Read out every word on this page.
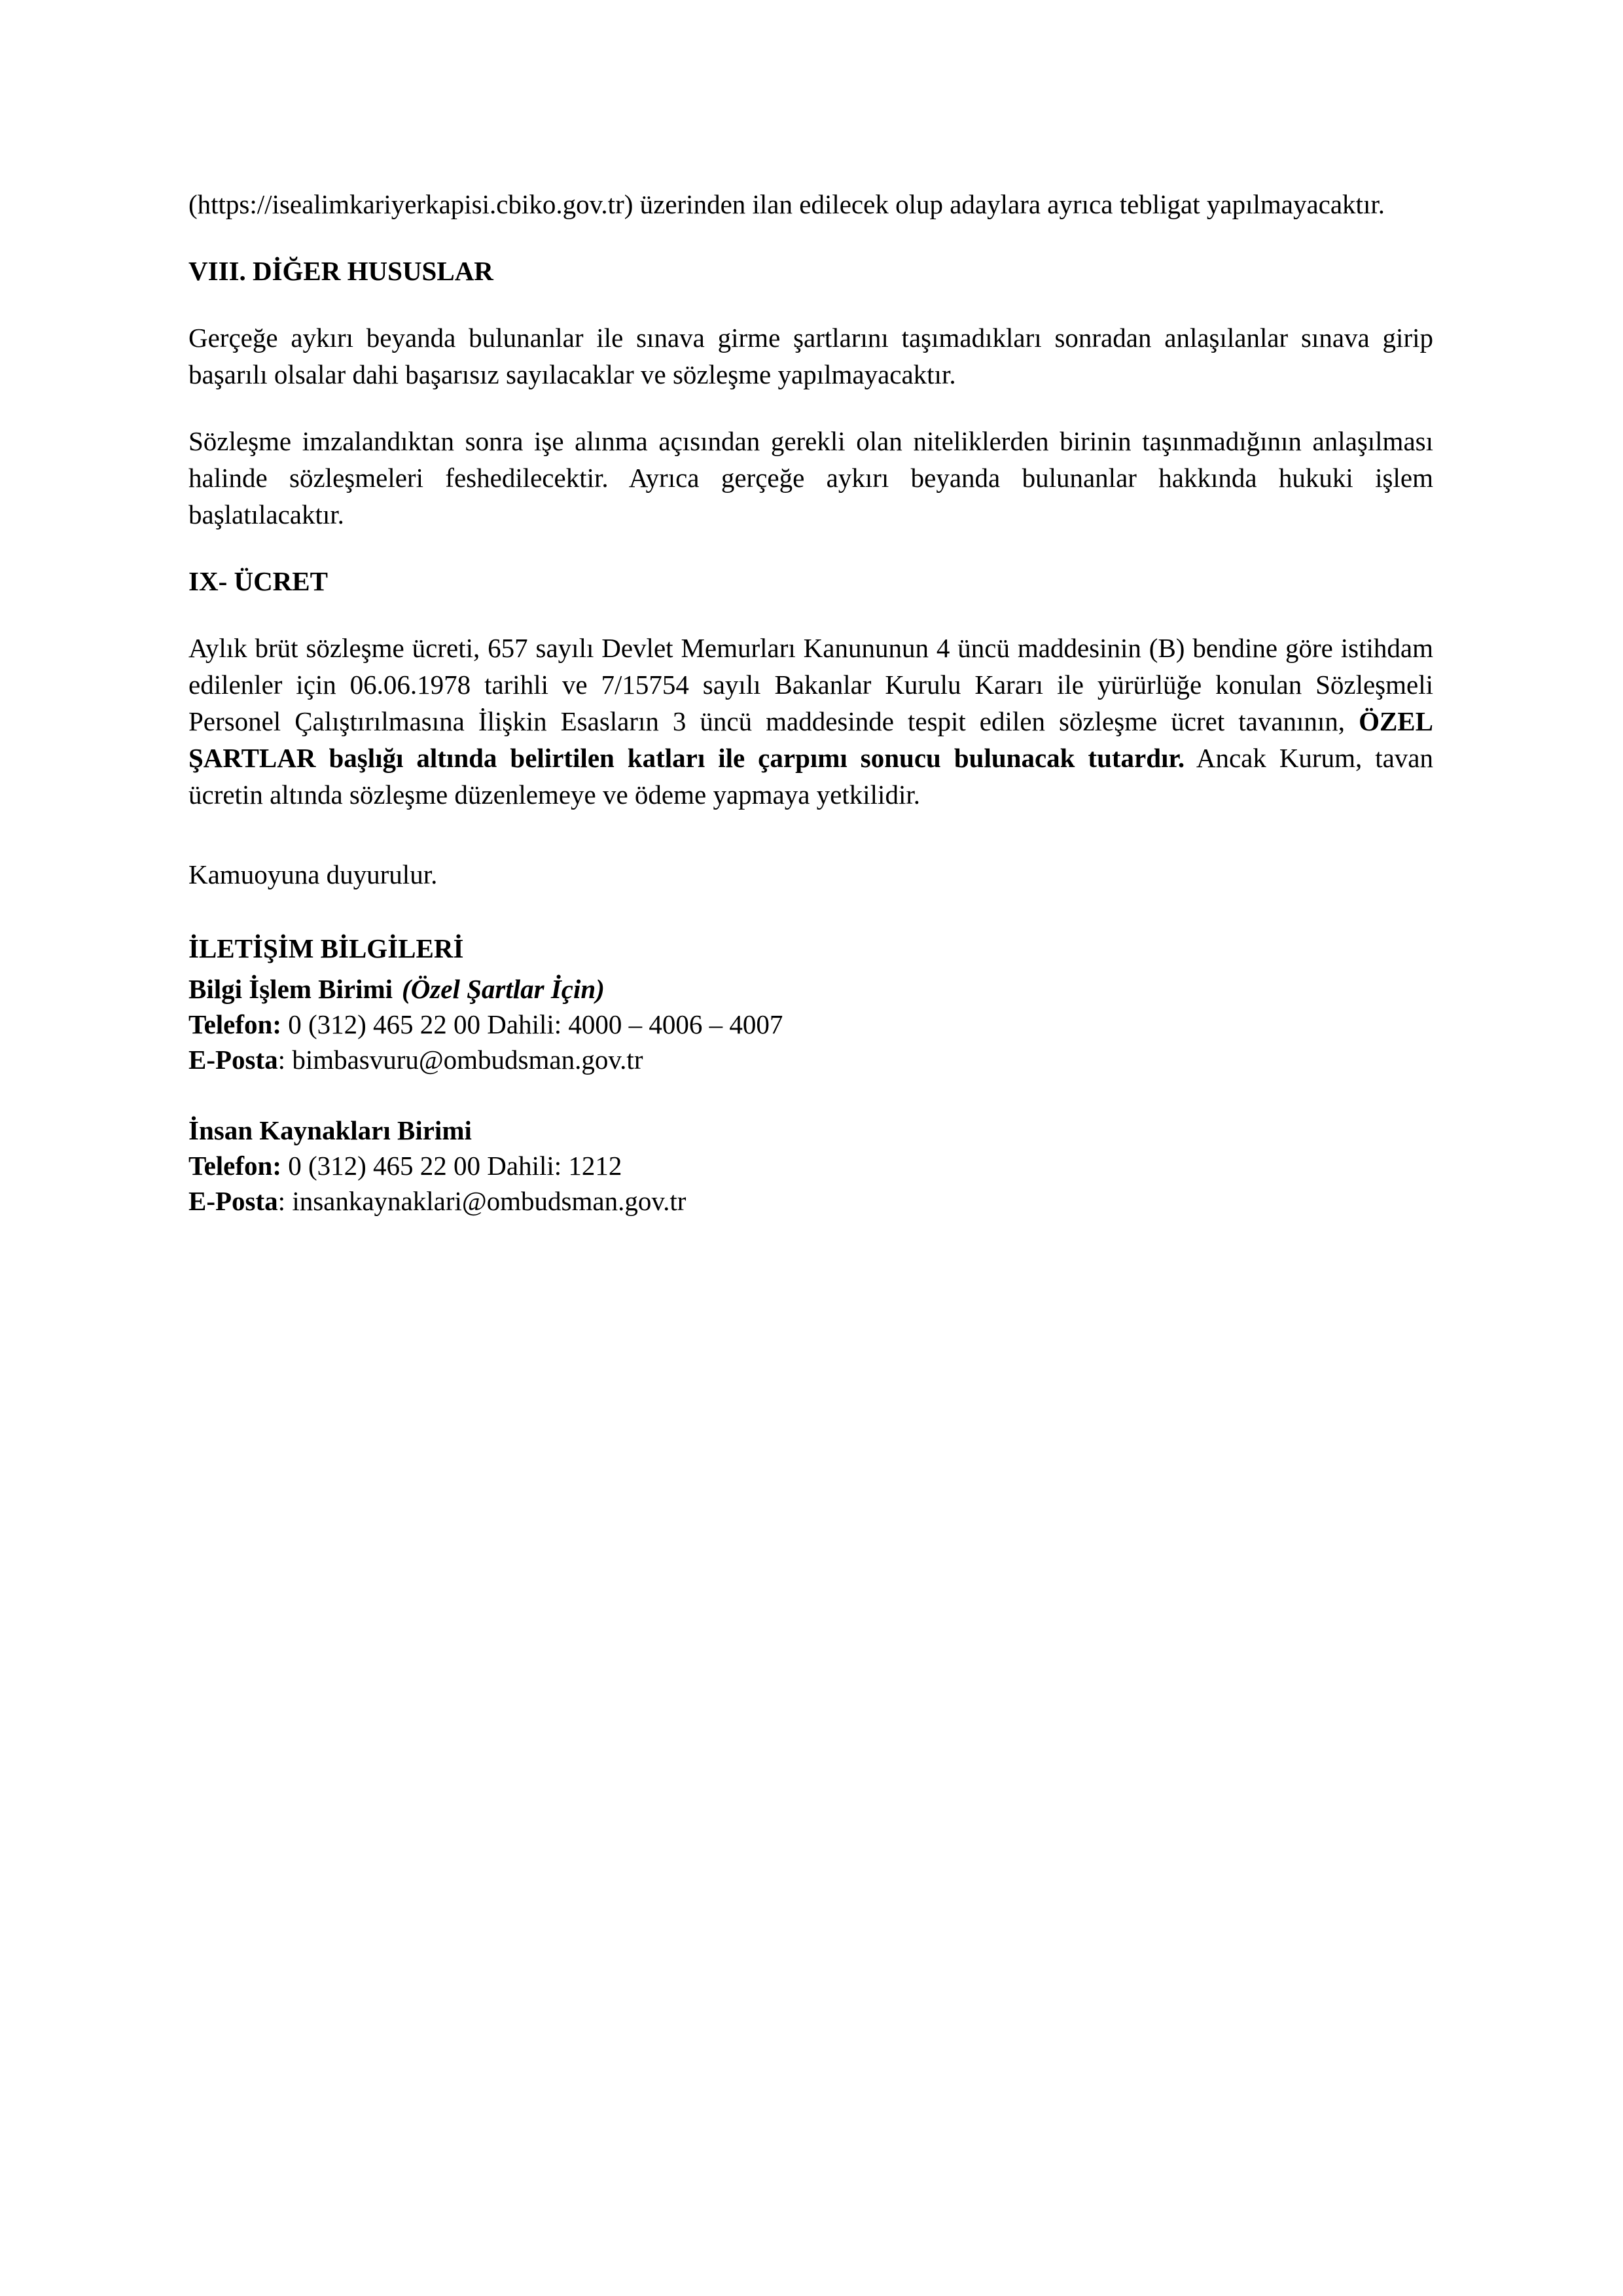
(https://isealimkariyerkapisi.cbiko.gov.tr) üzerinden ilan edilecek olup adaylara ayrıca tebligat yapılmayacaktır.

VIII. DİĞER HUSUSLAR

Gerçeğe aykırı beyanda bulunanlar ile sınava girme şartlarını taşımadıkları sonradan anlaşılanlar sınava girip başarılı olsalar dahi başarısız sayılacaklar ve sözleşme yapılmayacaktır.

Sözleşme imzalandıktan sonra işe alınma açısından gerekli olan niteliklerden birinin taşınmadığının anlaşılması halinde sözleşmeleri feshedilecektir. Ayrıca gerçeğe aykırı beyanda bulunanlar hakkında hukuki işlem başlatılacaktır.

IX- ÜCRET

Aylık brüt sözleşme ücreti, 657 sayılı Devlet Memurları Kanununun 4 üncü maddesinin (B) bendine göre istihdam edilenler için 06.06.1978 tarihli ve 7/15754 sayılı Bakanlar Kurulu Kararı ile yürürlüğe konulan Sözleşmeli Personel Çalıştırılmasına İlişkin Esasların 3 üncü maddesinde tespit edilen sözleşme ücret tavanının, ÖZEL ŞARTLAR başlığı altında belirtilen katları ile çarpımı sonucu bulunacak tutardır. Ancak Kurum, tavan ücretin altında sözleşme düzenlemeye ve ödeme yapmaya yetkilidir.

Kamuoyuna duyurulur.

İLETİŞİM BİLGİLERİ
Bilgi İşlem Birimi (Özel Şartlar İçin)
Telefon: 0 (312) 465 22 00 Dahili: 4000 – 4006 – 4007
E-Posta: bimbasvuru@ombudsman.gov.tr
İnsan Kaynakları Birimi
Telefon: 0 (312) 465 22 00 Dahili: 1212
E-Posta: insankaynaklari@ombudsman.gov.tr
